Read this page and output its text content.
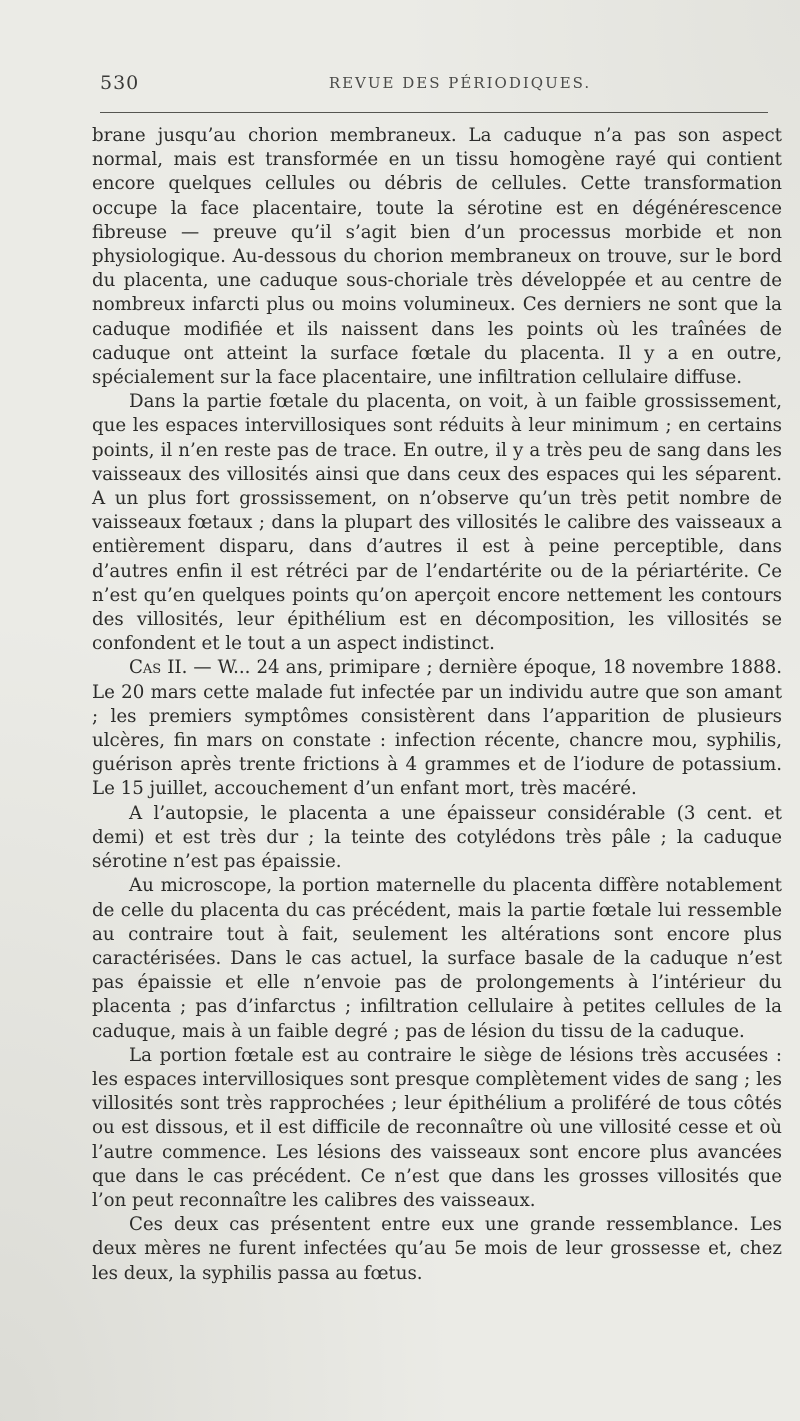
530	REVUE DES PÉRIODIQUES.

brane jusqu’au chorion membraneux. La caduque n’a pas son aspect normal, mais est transformée en un tissu homogène rayé qui contient encore quelques cellules ou débris de cellules. Cette transformation occupe la face placentaire, toute la sérotine est en dégénérescence fibreuse — preuve qu’il s’agit bien d’un processus morbide et non physiologique. Au-dessous du chorion membraneux on trouve, sur le bord du placenta, une caduque sous-choriale très développée et au centre de nombreux infarcti plus ou moins volumineux. Ces derniers ne sont que la caduque modifiée et ils naissent dans les points où les traînées de caduque ont atteint la surface fœtale du placenta. Il y a en outre, spécialement sur la face placentaire, une infiltration cellulaire diffuse.

Dans la partie fœtale du placenta, on voit, à un faible grossissement, que les espaces intervillosiques sont réduits à leur minimum ; en certains points, il n’en reste pas de trace. En outre, il y a très peu de sang dans les vaisseaux des villosités ainsi que dans ceux des espaces qui les séparent. A un plus fort grossissement, on n’observe qu’un très petit nombre de vaisseaux fœtaux ; dans la plupart des villosités le calibre des vaisseaux a entièrement disparu, dans d’autres il est à peine perceptible, dans d’autres enfin il est rétréci par de l’endartérite ou de la périartérite. Ce n’est qu’en quelques points qu’on aperçoit encore nettement les contours des villosités, leur épithélium est en décomposition, les villosités se confondent et le tout a un aspect indistinct.

Cas II. — W... 24 ans, primipare ; dernière époque, 18 novembre 1888. Le 20 mars cette malade fut infectée par un individu autre que son amant ; les premiers symptômes consistèrent dans l’apparition de plusieurs ulcères, fin mars on constate : infection récente, chancre mou, syphilis, guérison après trente frictions à 4 grammes et de l’iodure de potassium. Le 15 juillet, accouchement d’un enfant mort, très macéré.

A l’autopsie, le placenta a une épaisseur considérable (3 cent. et demi) et est très dur ; la teinte des cotylédons très pâle ; la caduque sérotine n’est pas épaissie.

Au microscope, la portion maternelle du placenta diffère notablement de celle du placenta du cas précédent, mais la partie fœtale lui ressemble au contraire tout à fait, seulement les altérations sont encore plus caractérisées. Dans le cas actuel, la surface basale de la caduque n’est pas épaissie et elle n’envoie pas de prolongements à l’intérieur du placenta ; pas d’infarctus ; infiltration cellulaire à petites cellules de la caduque, mais à un faible degré ; pas de lésion du tissu de la caduque.

La portion fœtale est au contraire le siège de lésions très accusées : les espaces intervillosiques sont presque complètement vides de sang ; les villosités sont très rapprochées ; leur épithélium a proliféré de tous côtés ou est dissous, et il est difficile de reconnaître où une villosité cesse et où l’autre commence. Les lésions des vaisseaux sont encore plus avancées que dans le cas précédent. Ce n’est que dans les grosses villosités que l’on peut reconnaître les calibres des vaisseaux.

Ces deux cas présentent entre eux une grande ressemblance. Les deux mères ne furent infectées qu’au 5e mois de leur grossesse et, chez les deux, la syphilis passa au fœtus.
